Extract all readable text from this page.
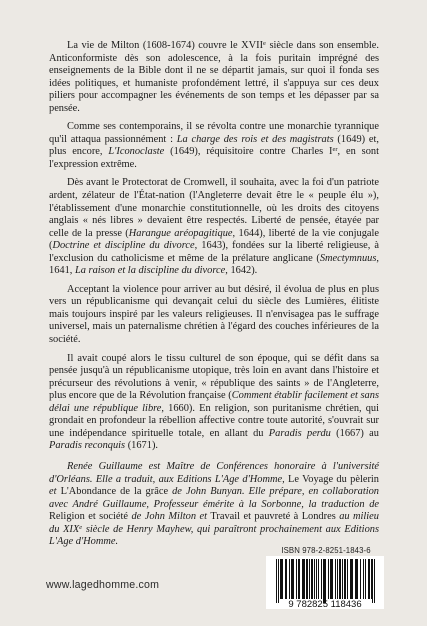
La vie de Milton (1608-1674) couvre le XVIIe siècle dans son ensemble. Anticonformiste dès son adolescence, à la fois puritain imprégné des enseignements de la Bible dont il ne se départit jamais, sur quoi il fonda ses idées politiques, et humaniste profondément lettré, il s'appuya sur ces deux piliers pour accompagner les événements de son temps et les dépasser par sa pensée.

Comme ses contemporains, il se révolta contre une monarchie tyrannique qu'il attaqua passionnément : La charge des rois et des magistrats (1649) et, plus encore, L'Iconoclaste (1649), réquisitoire contre Charles Ier, en sont l'expression extrême.

Dès avant le Protectorat de Cromwell, il souhaita, avec la foi d'un patriote ardent, zélateur de l'État-nation (l'Angleterre devait être le « peuple élu »), l'établissement d'une monarchie constitutionnelle, où les droits des citoyens anglais « nés libres » devaient être respectés. Liberté de pensée, étayée par celle de la presse (Harangue aréopagitique, 1644), liberté de la vie conjugale (Doctrine et discipline du divorce, 1643), fondées sur la liberté religieuse, à l'exclusion du catholicisme et même de la prélature anglicane (Smectymnuus, 1641, La raison et la discipline du divorce, 1642).

Acceptant la violence pour arriver au but désiré, il évolua de plus en plus vers un républicanisme qui devançait celui du siècle des Lumières, élitiste mais toujours inspiré par les valeurs religieuses. Il n'envisagea pas le suffrage universel, mais un paternalisme chrétien à l'égard des couches inférieures de la société.

Il avait coupé alors le tissu culturel de son époque, qui se défit dans sa pensée jusqu'à un républicanisme utopique, très loin en avant dans l'histoire et précurseur des révolutions à venir, « république des saints » de l'Angleterre, plus encore que de la Révolution française (Comment établir facilement et sans délai une république libre, 1660). En religion, son puritanisme chrétien, qui grondait en profondeur la rébellion affective contre toute autorité, s'ouvrait sur une indépendance spirituelle totale, en allant du Paradis perdu (1667) au Paradis reconquis (1671).

Renée Guillaume est Maître de Conférences honoraire à l'université d'Orléans. Elle a traduit, aux Editions L'Age d'Homme, Le Voyage du pèlerin et L'Abondance de la grâce de John Bunyan. Elle prépare, en collaboration avec André Guillaume, Professeur émérite à la Sorbonne, la traduction de Religion et société de John Milton et Travail et pauvreté à Londres au milieu du XIXe siècle de Henry Mayhew, qui paraîtront prochainement aux Editions L'Age d'Homme.

www.lagedhomme.com
ISBN 978-2-8251-1843-6
9 782825 118436
